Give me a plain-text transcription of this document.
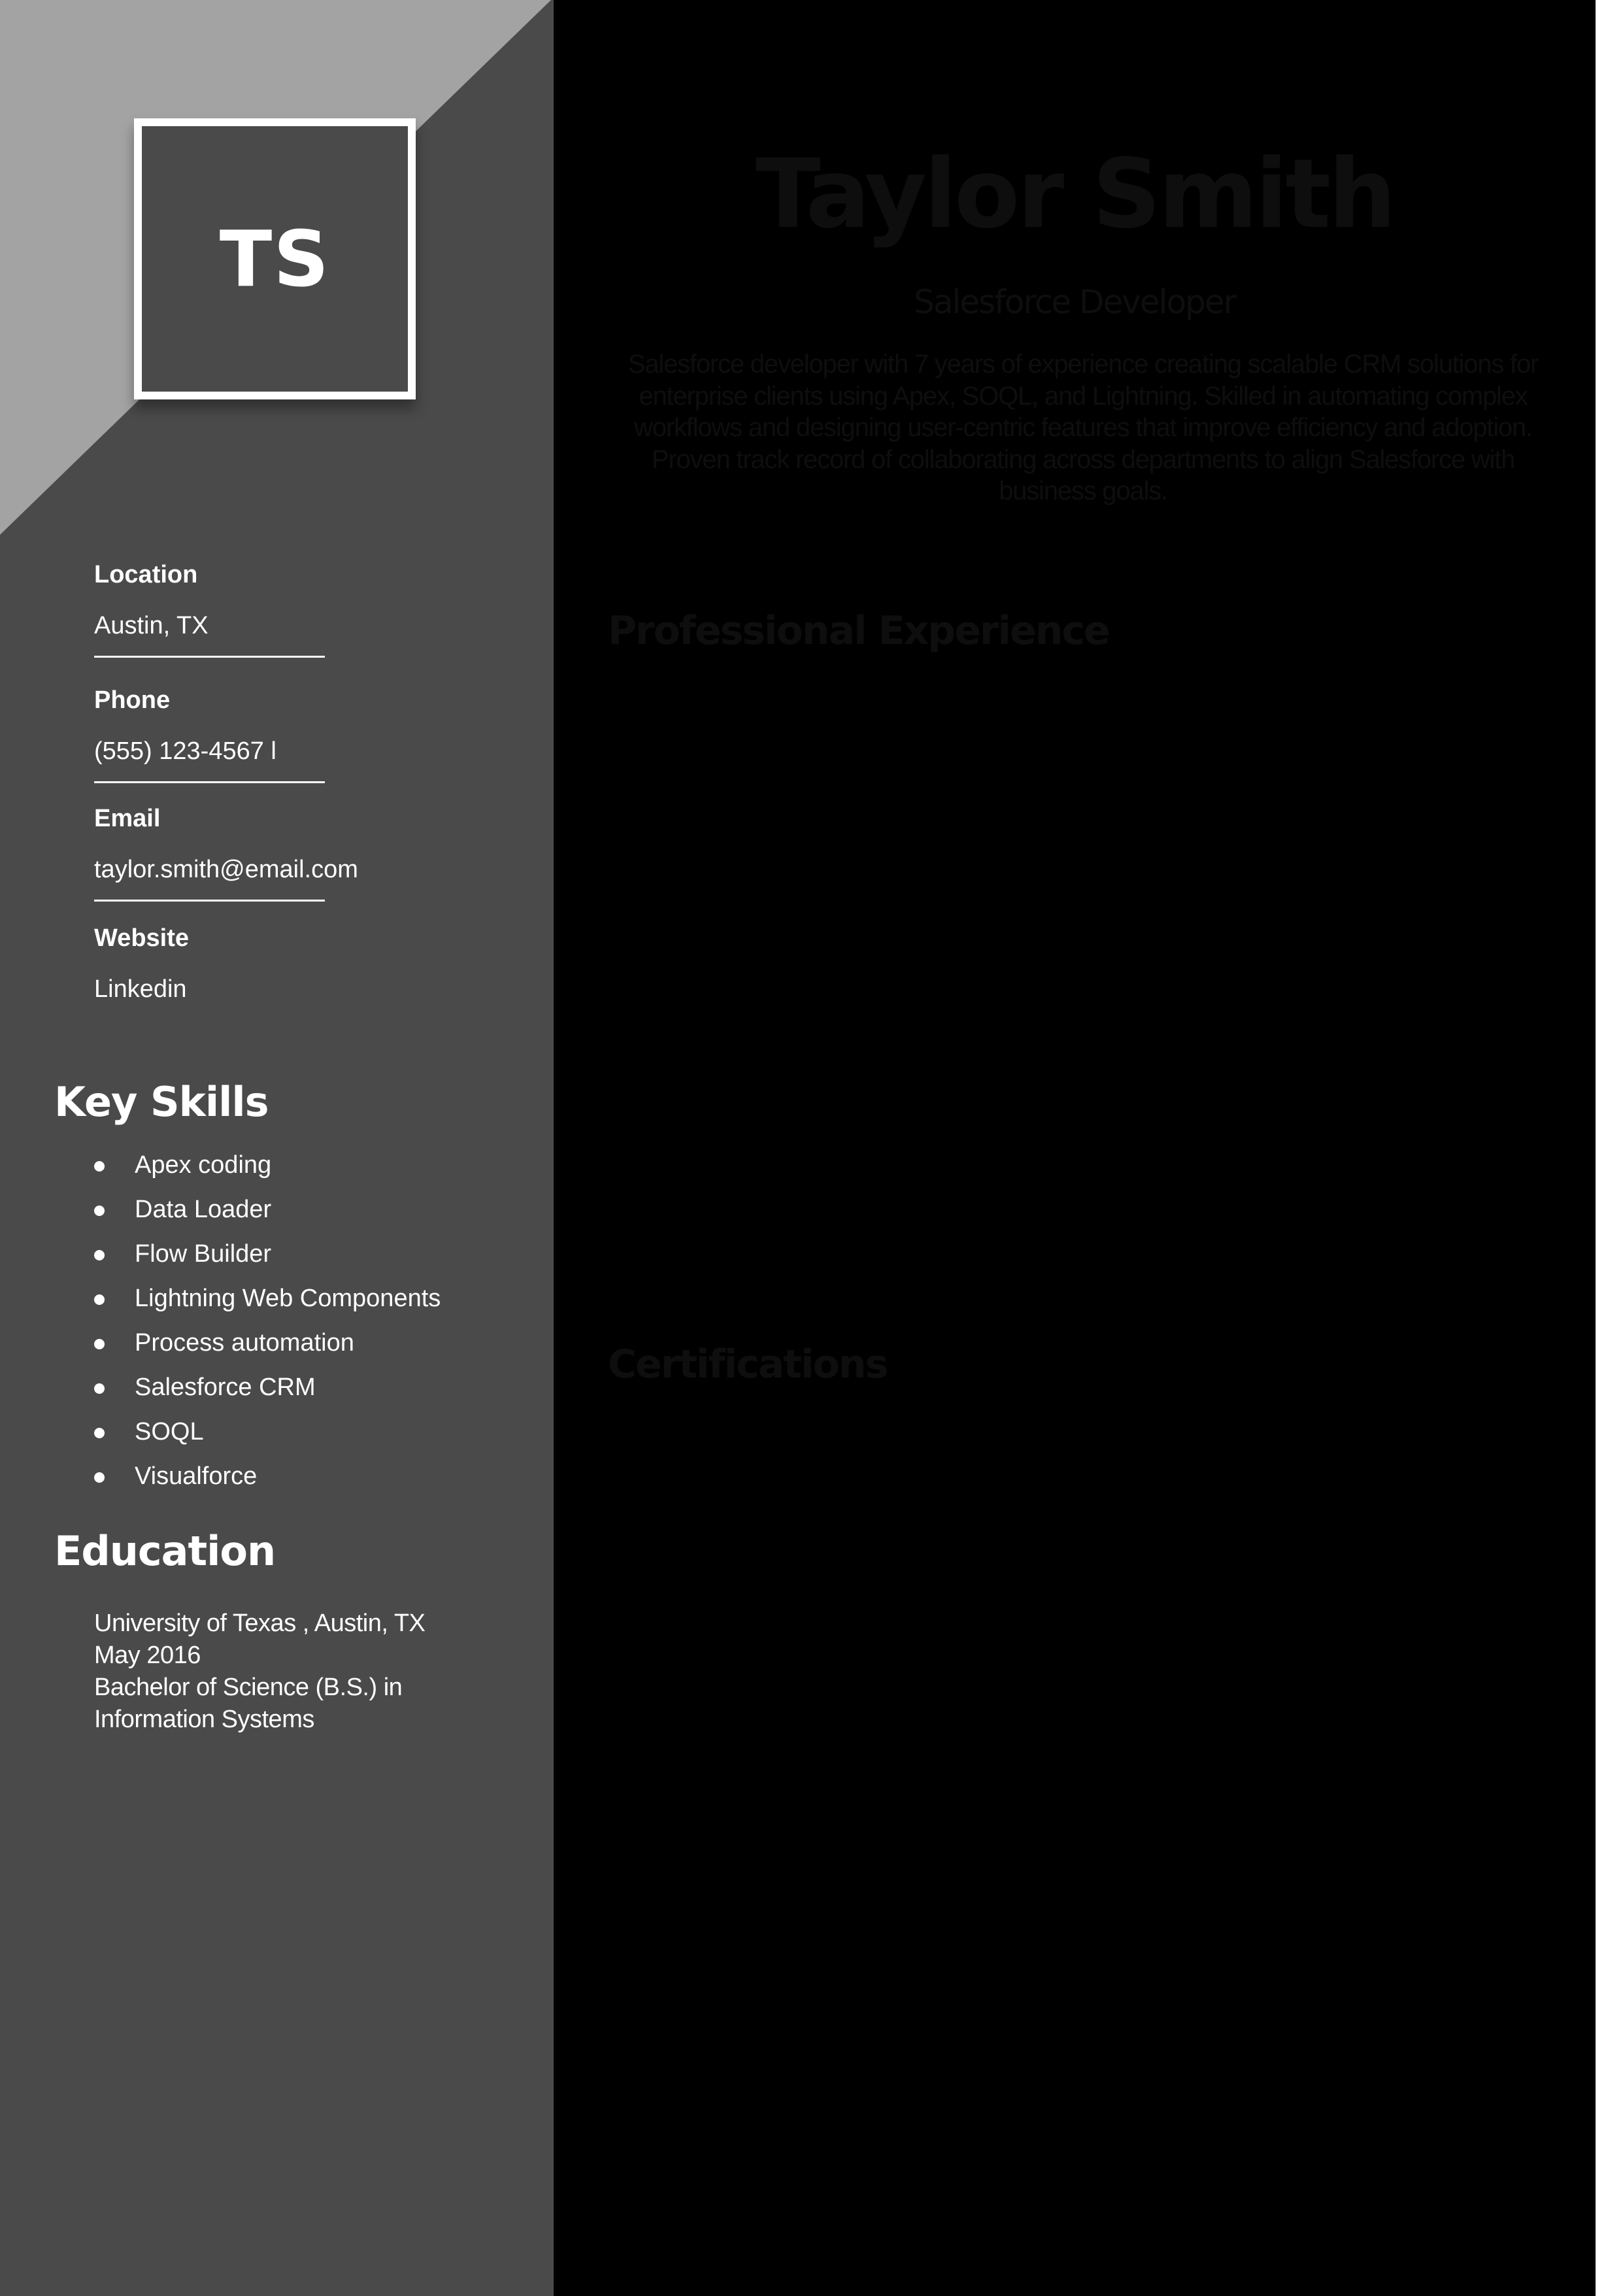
TS
Location
Austin, TX
Phone
(555) 123-4567 l
Email
taylor.smith@email.com
Website
Linkedin
Key Skills
Apex coding
Data Loader
Flow Builder
Lightning Web Components
Process automation
Salesforce CRM
SOQL
Visualforce
Education
University of Texas , Austin, TX
May 2016
Bachelor of Science (B.S.) in
Information Systems
Taylor Smith
Salesforce Developer
Salesforce developer with 7 years of experience creating scalable CRM solutions for enterprise clients using Apex, SOQL, and Lightning. Skilled in automating complex workflows and designing user-centric features that improve efficiency and adoption. Proven track record of collaborating across departments to align Salesforce with business goals.
Professional Experience
Certifications
